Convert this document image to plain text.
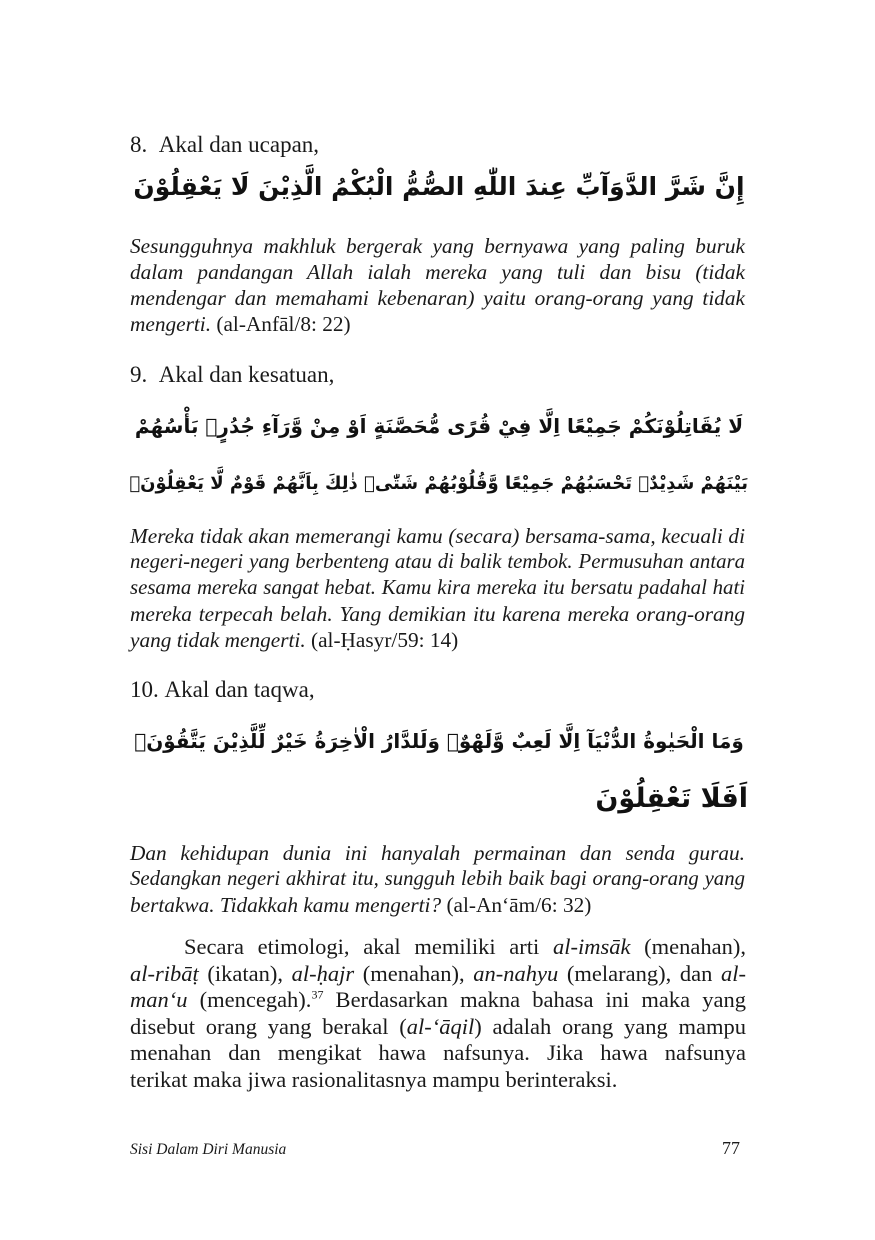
8. Akal dan ucapan,
إِنَّ شَرَّ الدَّوَآبِّ عِندَ اللّٰهِ الصُّمُّ الْبُكْمُ الَّذِيْنَ لَا يَعْقِلُوْنَ
Sesungguhnya makhluk bergerak yang bernyawa yang paling buruk
dalam pandangan Allah ialah mereka yang tuli dan bisu (tidak
mendengar dan memahami kebenaran) yaitu orang-orang yang tidak
mengerti. (al-Anfāl/8: 22)
9. Akal dan kesatuan,
لَا يُقَاتِلُوْنَكُمْ جَمِيْعًا اِلَّا فِيْ قُرًى مُّحَصَّنَةٍ اَوْ مِنْ وَّرَآءِ جُدُرٍۗ بَأْسُهُمْ
بَيْنَهُمْ شَدِيْدٌۗ تَحْسَبُهُمْ جَمِيْعًا وَّقُلُوْبُهُمْ شَتّٰىۗ ذٰلِكَ بِاَنَّهُمْ قَوْمٌ لَّا يَعْقِلُوْنَۚ
Mereka tidak akan memerangi kamu (secara) bersama-sama, kecuali di
negeri-negeri yang berbenteng atau di balik tembok. Permusuhan antara
sesama mereka sangat hebat. Kamu kira mereka itu bersatu padahal hati
mereka terpecah belah. Yang demikian itu karena mereka orang-orang
yang tidak mengerti. (al-Ḥasyr/59: 14)
10. Akal dan taqwa,
وَمَا الْحَيٰوةُ الدُّنْيَآ اِلَّا لَعِبٌ وَّلَهْوٌۗ وَلَلدَّارُ الْاٰخِرَةُ خَيْرٌ لِّلَّذِيْنَ يَتَّقُوْنَۗ
اَفَلَا تَعْقِلُوْنَ
Dan kehidupan dunia ini hanyalah permainan dan senda gurau.
Sedangkan negeri akhirat itu, sungguh lebih baik bagi orang-orang yang
bertakwa. Tidakkah kamu mengerti? (al-An‘ām/6: 32)
Secara etimologi, akal memiliki arti al-imsāk (menahan),
al-ribāṭ (ikatan), al-ḥajr (menahan), an-nahyu (melarang), dan al-
man‘u (mencegah).$^{37}$ Berdasarkan makna bahasa ini maka yang
disebut orang yang berakal (al-‘āqil) adalah orang yang mampu
menahan dan mengikat hawa nafsunya. Jika hawa nafsunya
terikat maka jiwa rasionalitasnya mampu berinteraksi.
Sisi Dalam Diri Manusia	77
